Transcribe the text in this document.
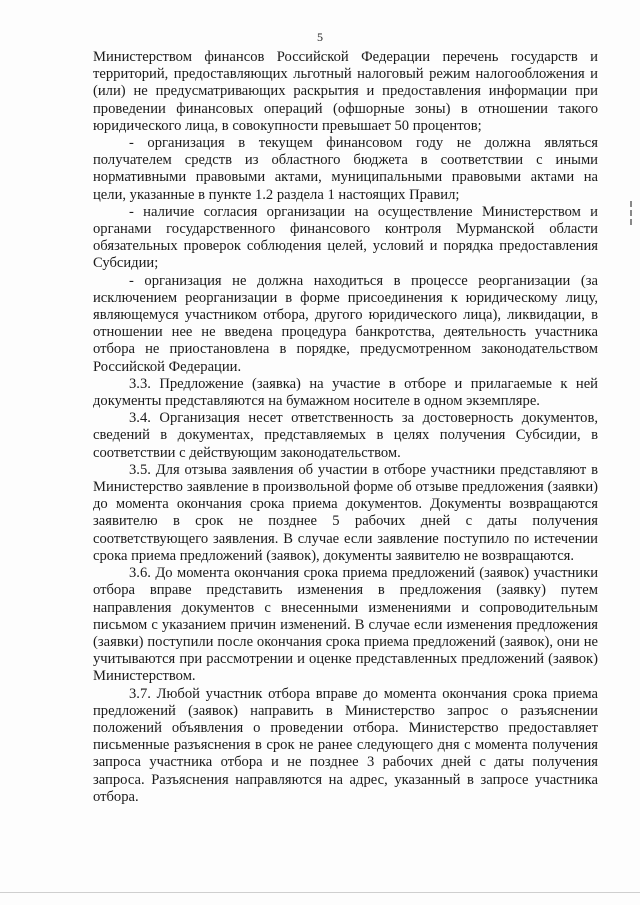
5

Министерством финансов Российской Федерации перечень государств и территорий, предоставляющих льготный налоговый режим налогообложения и (или) не предусматривающих раскрытия и предоставления информации при проведении финансовых операций (офшорные зоны) в отношении такого юридического лица, в совокупности превышает 50 процентов;

- организация в текущем финансовом году не должна являться получателем средств из областного бюджета в соответствии с иными нормативными правовыми актами, муниципальными правовыми актами на цели, указанные в пункте 1.2 раздела 1 настоящих Правил;

- наличие согласия организации на осуществление Министерством и органами государственного финансового контроля Мурманской области обязательных проверок соблюдения целей, условий и порядка предоставления Субсидии;

- организация не должна находиться в процессе реорганизации (за исключением реорганизации в форме присоединения к юридическому лицу, являющемуся участником отбора, другого юридического лица), ликвидации, в отношении нее не введена процедура банкротства, деятельность участника отбора не приостановлена в порядке, предусмотренном законодательством Российской Федерации.

3.3. Предложение (заявка) на участие в отборе и прилагаемые к ней документы представляются на бумажном носителе в одном экземпляре.

3.4. Организация несет ответственность за достоверность документов, сведений в документах, представляемых в целях получения Субсидии, в соответствии с действующим законодательством.

3.5. Для отзыва заявления об участии в отборе участники представляют в Министерство заявление в произвольной форме об отзыве предложения (заявки) до момента окончания срока приема документов. Документы возвращаются заявителю в срок не позднее 5 рабочих дней с даты получения соответствующего заявления. В случае если заявление поступило по истечении срока приема предложений (заявок), документы заявителю не возвращаются.

3.6. До момента окончания срока приема предложений (заявок) участники отбора вправе представить изменения в предложения (заявку) путем направления документов с внесенными изменениями и сопроводительным письмом с указанием причин изменений. В случае если изменения предложения (заявки) поступили после окончания срока приема предложений (заявок), они не учитываются при рассмотрении и оценке представленных предложений (заявок) Министерством.

3.7. Любой участник отбора вправе до момента окончания срока приема предложений (заявок) направить в Министерство запрос о разъяснении положений объявления о проведении отбора. Министерство предоставляет письменные разъяснения в срок не ранее следующего дня с момента получения запроса участника отбора и не позднее 3 рабочих дней с даты получения запроса. Разъяснения направляются на адрес, указанный в запросе участника отбора.
